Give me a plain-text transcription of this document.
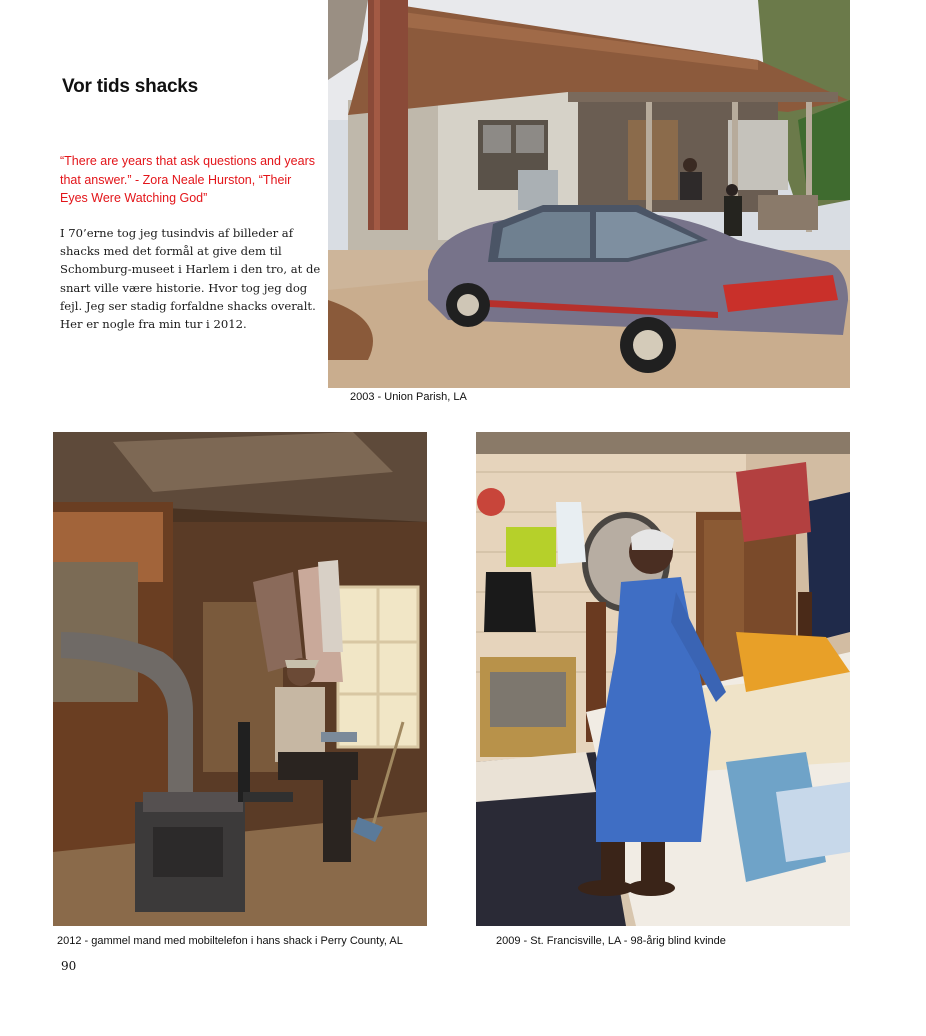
Vor tids shacks
“There are years that ask questions and years that answer.” - Zora Neale Hurston, “Their Eyes Were Watching God”
I 70’erne tog jeg tusindvis af billeder af shacks med det formål at give dem til Schomburg-museet i Harlem i den tro, at de snart ville være historie. Hvor tog jeg dog fejl. Jeg ser stadig forfaldne shacks overalt. Her er nogle fra min tur i 2012.
2003 - Union Parish, LA
2012 - gammel mand med mobiltelefon i hans shack i Perry County, AL	2009 - St. Francisville, LA - 98-årig blind kvinde
90
